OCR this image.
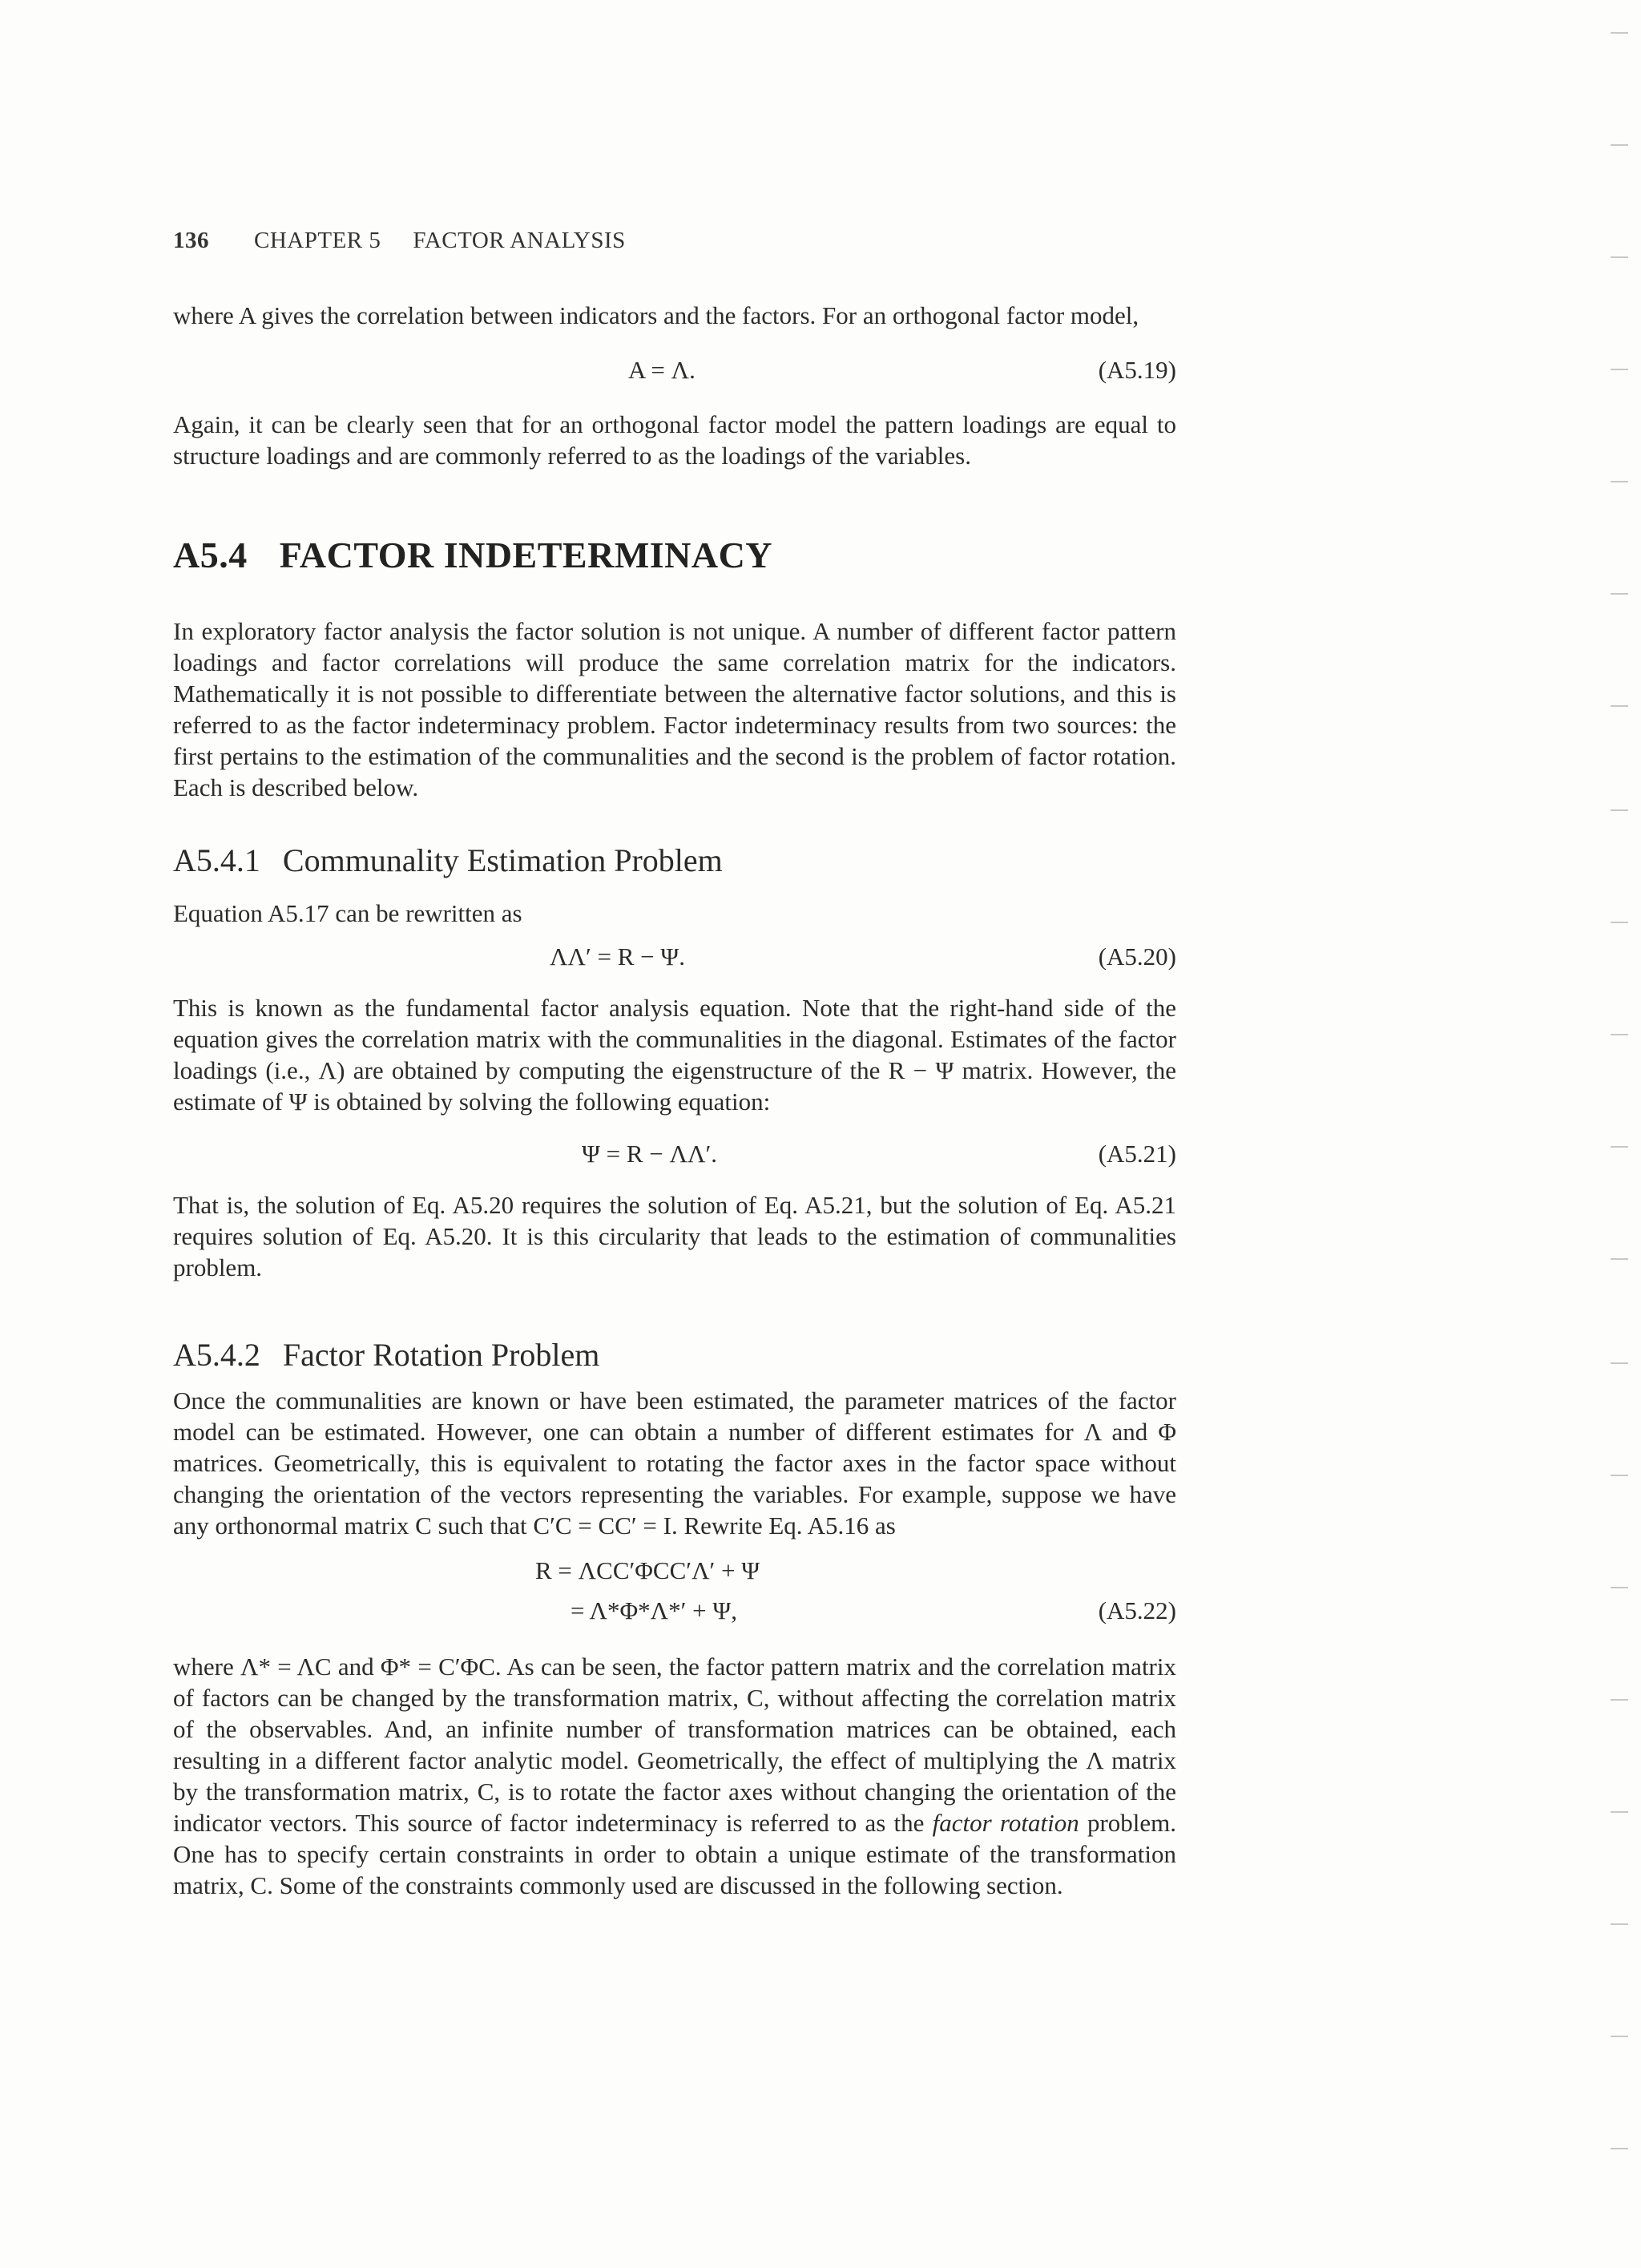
136 CHAPTER 5 FACTOR ANALYSIS
where A gives the correlation between indicators and the factors. For an orthogonal factor model,
A = Λ.	(A5.19)
Again, it can be clearly seen that for an orthogonal factor model the pattern loadings are equal to structure loadings and are commonly referred to as the loadings of the variables.
A5.4 FACTOR INDETERMINACY
In exploratory factor analysis the factor solution is not unique. A number of different factor pattern loadings and factor correlations will produce the same correlation matrix for the indicators. Mathematically it is not possible to differentiate between the alternative factor solutions, and this is referred to as the factor indeterminacy problem. Factor indeterminacy results from two sources: the first pertains to the estimation of the communalities and the second is the problem of factor rotation. Each is described below.
A5.4.1 Communality Estimation Problem
Equation A5.17 can be rewritten as
ΛΛ′ = R − Ψ.	(A5.20)
This is known as the fundamental factor analysis equation. Note that the right-hand side of the equation gives the correlation matrix with the communalities in the diagonal. Estimates of the factor loadings (i.e., Λ) are obtained by computing the eigenstructure of the R − Ψ matrix. However, the estimate of Ψ is obtained by solving the following equation:
Ψ = R − ΛΛ′.	(A5.21)
That is, the solution of Eq. A5.20 requires the solution of Eq. A5.21, but the solution of Eq. A5.21 requires solution of Eq. A5.20. It is this circularity that leads to the estimation of communalities problem.
A5.4.2 Factor Rotation Problem
Once the communalities are known or have been estimated, the parameter matrices of the factor model can be estimated. However, one can obtain a number of different estimates for Λ and Φ matrices. Geometrically, this is equivalent to rotating the factor axes in the factor space without changing the orientation of the vectors representing the variables. For example, suppose we have any orthonormal matrix C such that C′C = CC′ = I. Rewrite Eq. A5.16 as
R = ΛCC′ΦCC′Λ′ + Ψ
= Λ*Φ*Λ*′ + Ψ,	(A5.22)
where Λ* = ΛC and Φ* = C′ΦC. As can be seen, the factor pattern matrix and the correlation matrix of factors can be changed by the transformation matrix, C, without affecting the correlation matrix of the observables. And, an infinite number of transformation matrices can be obtained, each resulting in a different factor analytic model. Geometrically, the effect of multiplying the Λ matrix by the transformation matrix, C, is to rotate the factor axes without changing the orientation of the indicator vectors. This source of factor indeterminacy is referred to as the factor rotation problem. One has to specify certain constraints in order to obtain a unique estimate of the transformation matrix, C. Some of the constraints commonly used are discussed in the following section.
